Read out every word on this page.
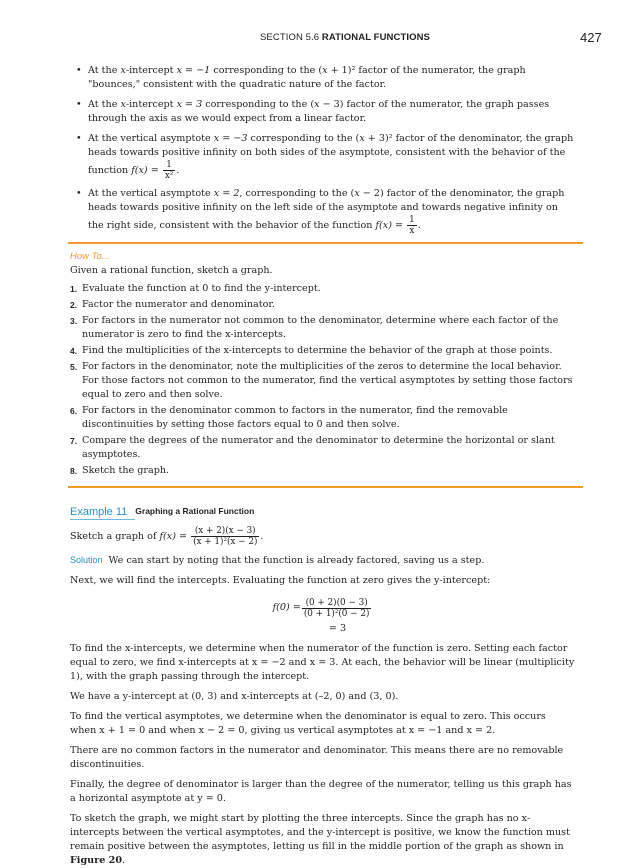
SECTION 5.6 RATIONAL FUNCTIONS	427
• At the x-intercept x = −1 corresponding to the (x + 1)² factor of the numerator, the graph "bounces," consistent with the quadratic nature of the factor.
• At the x-intercept x = 3 corresponding to the (x − 3) factor of the numerator, the graph passes through the axis as we would expect from a linear factor.
• At the vertical asymptote x = −3 corresponding to the (x + 3)² factor of the denominator, the graph heads towards positive infinity on both sides of the asymptote, consistent with the behavior of the function $f(x) = \frac{1}{\text{x²}}$ .
• At the vertical asymptote x = 2, corresponding to the (x − 2) factor of the denominator, the graph heads towards positive infinity on the left side of the asymptote and towards negative infinity on the right side, consistent with the behavior of the function $f(x) = \frac{1}{x}$ .
How To...

Given a rational function, sketch a graph.

1. Evaluate the function at 0 to find the y-intercept.
2. Factor the numerator and denominator.
3. For factors in the numerator not common to the denominator, determine where each factor of the numerator is zero to find the x-intercepts.
4. Find the multiplicities of the x-intercepts to determine the behavior of the graph at those points.
5. For factors in the denominator, note the multiplicities of the zeros to determine the local behavior. For those factors not common to the numerator, find the vertical asymptotes by setting those factors equal to zero and then solve.
6. For factors in the denominator common to factors in the numerator, find the removable discontinuities by setting those factors equal to 0 and then solve.
7. Compare the degrees of the numerator and the denominator to determine the horizontal or slant asymptotes.
8. Sketch the graph.
Example 11 Graphing a Rational Function

Sketch a graph of $f(x) = \frac{(x + 2)(x - 3)}{\text{(x + 1)²(x − 2)}}$ .

Solution We can start by noting that the function is already factored, saving us a step.

Next, we will find the intercepts. Evaluating the function at zero gives the y-intercept:

$f(0) = \frac{(0 + 2)(0 - 3)}{\text{(0 + 1)²(0 − 2)}}$
= 3

To find the x-intercepts, we determine when the numerator of the function is zero. Setting each factor equal to zero, we find x-intercepts at x = −2 and x = 3. At each, the behavior will be linear (multiplicity 1), with the graph passing through the intercept.

We have a y-intercept at (0, 3) and x-intercepts at (–2, 0) and (3, 0).

To find the vertical asymptotes, we determine when the denominator is equal to zero. This occurs when x + 1 = 0 and when x − 2 = 0, giving us vertical asymptotes at x = −1 and x = 2.

There are no common factors in the numerator and denominator. This means there are no removable discontinuities.

Finally, the degree of denominator is larger than the degree of the numerator, telling us this graph has a horizontal asymptote at y = 0.

To sketch the graph, we might start by plotting the three intercepts. Since the graph has no x-intercepts between the vertical asymptotes, and the y-intercept is positive, we know the function must remain positive between the asymptotes, letting us fill in the middle portion of the graph as shown in Figure 20.
